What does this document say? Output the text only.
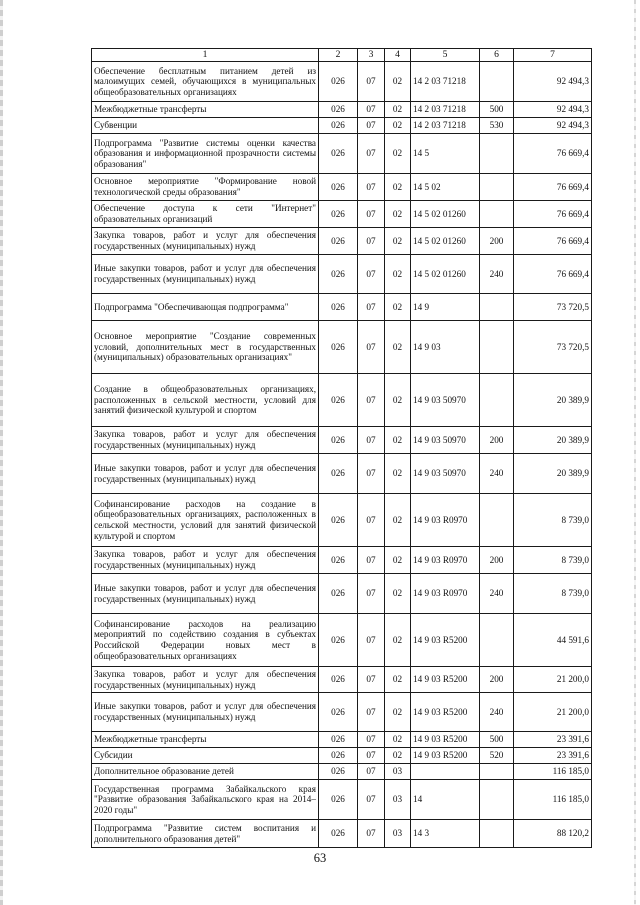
1	2	3	4	5	6	7
Обеспечение бесплатным питанием детей из малоимущих семей, обучающихся в муниципальных общеобразовательных организациях	026	07	02	14 2 03 71218		92 494,3
Межбюджетные трансферты	026	07	02	14 2 03 71218	500	92 494,3
Субвенции	026	07	02	14 2 03 71218	530	92 494,3
Подпрограмма "Развитие системы оценки качества образования и информационной прозрачности системы образования"	026	07	02	14 5		76 669,4
Основное мероприятие "Формирование новой технологической среды образования"	026	07	02	14 5 02		76 669,4
Обеспечение доступа к сети "Интернет" образовательных организаций	026	07	02	14 5 02 01260		76 669,4
Закупка товаров, работ и услуг для обеспечения государственных (муниципальных) нужд	026	07	02	14 5 02 01260	200	76 669,4
Иные закупки товаров, работ и услуг для обеспечения государственных (муниципальных) нужд	026	07	02	14 5 02 01260	240	76 669,4
Подпрограмма "Обеспечивающая подпрограмма"	026	07	02	14 9		73 720,5
Основное мероприятие "Создание современных условий, дополнительных мест в государственных (муниципальных) образовательных организациях"	026	07	02	14 9 03		73 720,5
Создание в общеобразовательных организациях, расположенных в сельской местности, условий для занятий физической культурой и спортом	026	07	02	14 9 03 50970		20 389,9
Закупка товаров, работ и услуг для обеспечения государственных (муниципальных) нужд	026	07	02	14 9 03 50970	200	20 389,9
Иные закупки товаров, работ и услуг для обеспечения государственных (муниципальных) нужд	026	07	02	14 9 03 50970	240	20 389,9
Софинансирование расходов на создание в общеобразовательных организациях, расположенных в сельской местности, условий для занятий физической культурой и спортом	026	07	02	14 9 03 R0970		8 739,0
Закупка товаров, работ и услуг для обеспечения государственных (муниципальных) нужд	026	07	02	14 9 03 R0970	200	8 739,0
Иные закупки товаров, работ и услуг для обеспечения государственных (муниципальных) нужд	026	07	02	14 9 03 R0970	240	8 739,0
Софинансирование расходов на реализацию мероприятий по содействию создания в субъектах Российской Федерации новых мест в общеобразовательных организациях	026	07	02	14 9 03 R5200		44 591,6
Закупка товаров, работ и услуг для обеспечения государственных (муниципальных) нужд	026	07	02	14 9 03 R5200	200	21 200,0
Иные закупки товаров, работ и услуг для обеспечения государственных (муниципальных) нужд	026	07	02	14 9 03 R5200	240	21 200,0
Межбюджетные трансферты	026	07	02	14 9 03 R5200	500	23 391,6
Субсидии	026	07	02	14 9 03 R5200	520	23 391,6
Дополнительное образование детей	026	07	03			116 185,0
Государственная программа Забайкальского края "Развитие образования Забайкальского края на 2014–2020 годы"	026	07	03	14		116 185,0
Подпрограмма "Развитие систем воспитания и дополнительного образования детей"	026	07	03	14 3		88 120,2
63
